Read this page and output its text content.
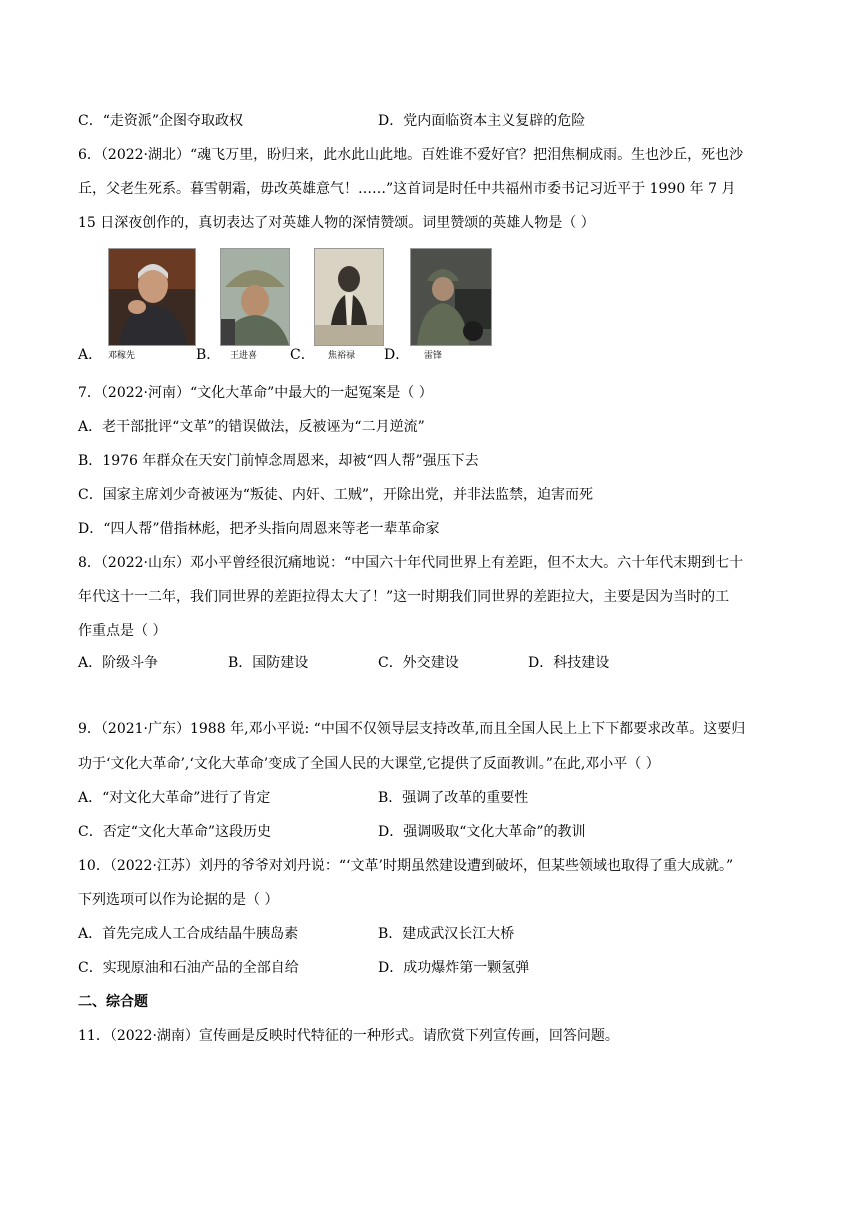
C．“走资派”企图夺取政权	D．党内面临资本主义复辟的危险
6．（2022·湖北）“魂飞万里，盼归来，此水此山此地。百姓谁不爱好官？把泪焦桐成雨。生也沙丘，死也沙
丘，父老生死系。暮雪朝霜，毋改英雄意气！……”这首词是时任中共福州市委书记习近平于 1990 年 7 月
15 日深夜创作的，真切表达了对英雄人物的深情赞颂。词里赞颂的英雄人物是（ ）
A． 邓稼先	B． 王进喜 C． 焦裕禄 D． 雷锋
7．（2022·河南）“文化大革命”中最大的一起冤案是（ ）
A．老干部批评“文革”的错误做法，反被诬为“二月逆流”
B．1976 年群众在天安门前悼念周恩来，却被“四人帮”强压下去
C．国家主席刘少奇被诬为“叛徒、内奸、工贼”，开除出党，并非法监禁，迫害而死
D．“四人帮”借指林彪，把矛头指向周恩来等老一辈革命家
8．（2022·山东）邓小平曾经很沉痛地说：“中国六十年代同世界上有差距，但不太大。六十年代末期到七十
年代这十一二年，我们同世界的差距拉得太大了！”这一时期我们同世界的差距拉大，主要是因为当时的工
作重点是（ ）
A．阶级斗争	B．国防建设	C．外交建设	D．科技建设
9．（2021·广东）1988 年,邓小平说: “中国不仅领导层支持改革,而且全国人民上上下下都要求改革。这要归
功于‘文化大革命’,‘文化大革命’变成了全国人民的大课堂,它提供了反面教训。”在此,邓小平（ ）
A．“对文化大革命”进行了肯定	B．强调了改革的重要性
C．否定“文化大革命”这段历史	D．强调吸取“文化大革命”的教训
10．（2022·江苏）刘丹的爷爷对刘丹说：“‘文革’时期虽然建设遭到破坏，但某些领域也取得了重大成就。”
下列选项可以作为论据的是（ ）
A．首先完成人工合成结晶牛胰岛素	B．建成武汉长江大桥
C．实现原油和石油产品的全部自给	D．成功爆炸第一颗氢弹
二、综合题
11．（2022·湖南）宣传画是反映时代特征的一种形式。请欣赏下列宣传画，回答问题。
